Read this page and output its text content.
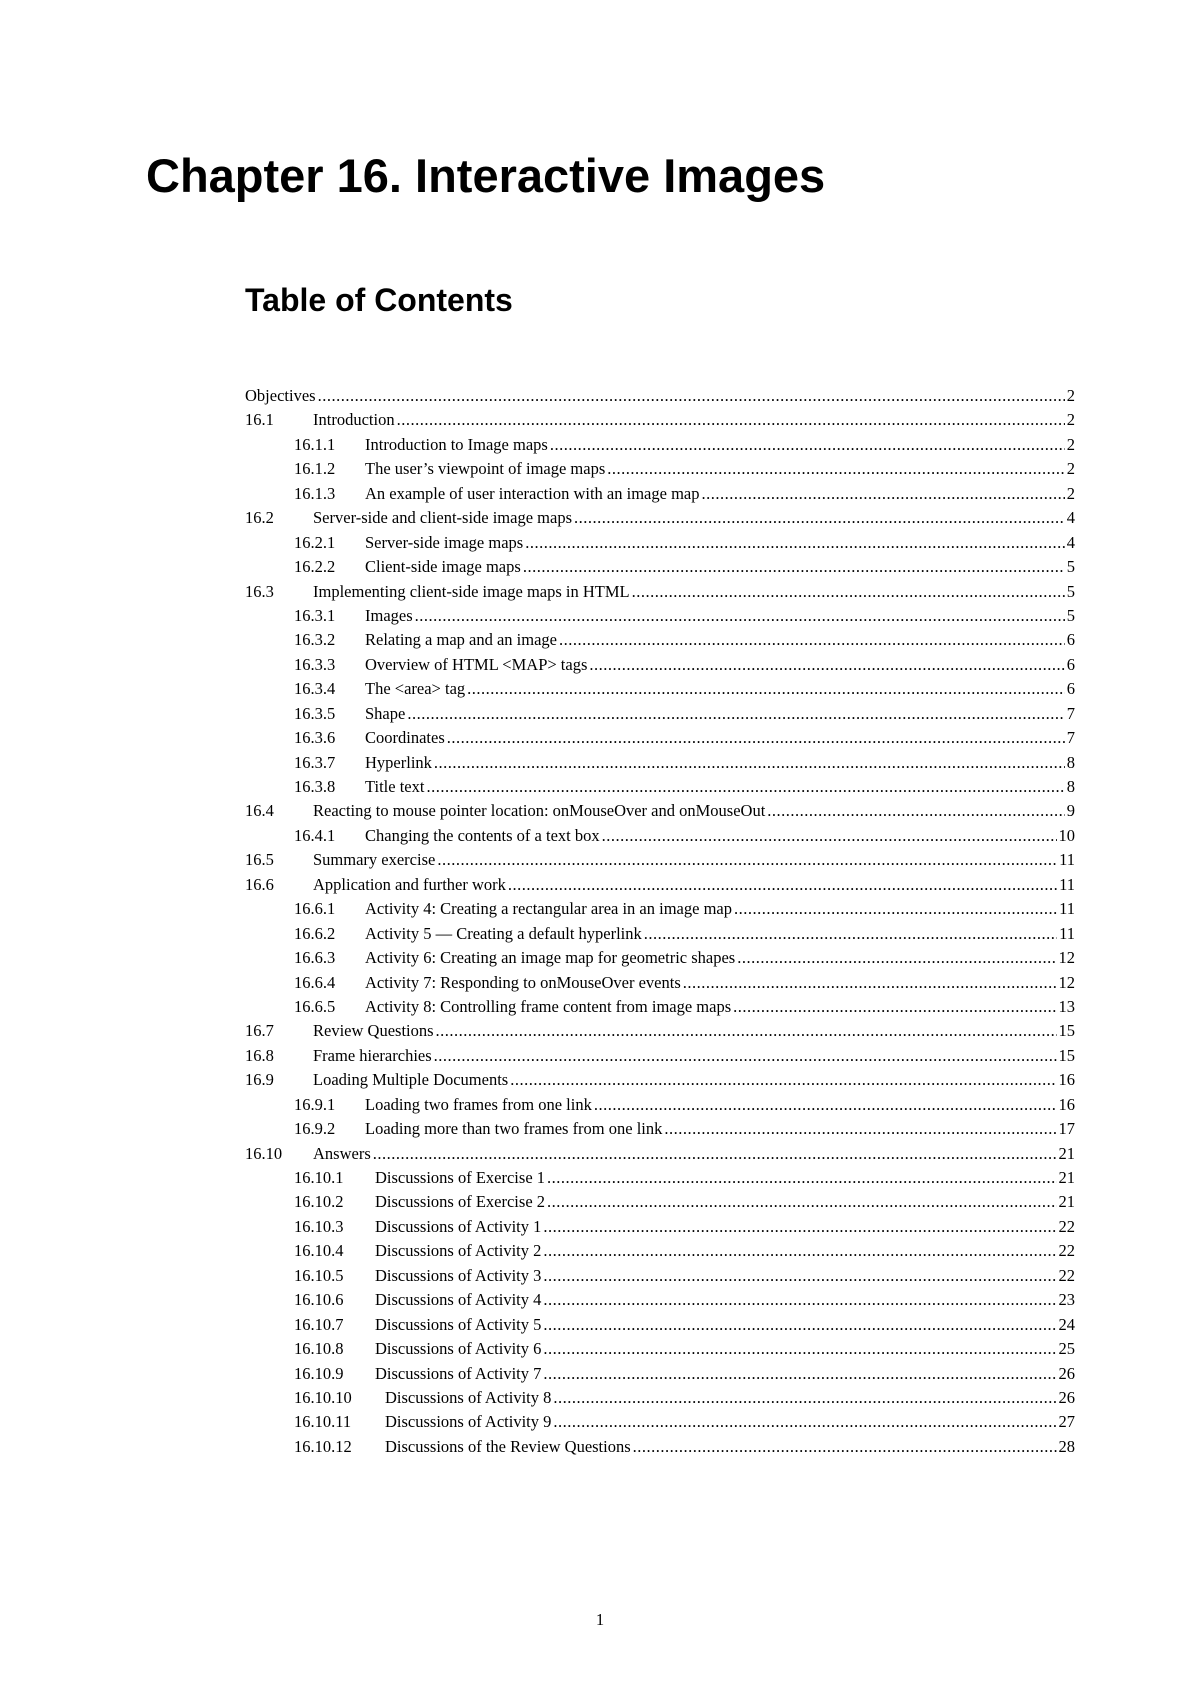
Chapter 16. Interactive Images
Table of Contents
Objectives .....	2
16.1	Introduction .....	2
16.1.1	Introduction to Image maps .....	2
16.1.2	The user’s viewpoint of image maps .....	2
16.1.3	An example of user interaction with an image map .....	2
16.2	Server-side and client-side image maps .....	4
16.2.1	Server-side image maps .....	4
16.2.2	Client-side image maps .....	5
16.3	Implementing client-side image maps in HTML .....	5
16.3.1	Images .....	5
16.3.2	Relating a map and an image .....	6
16.3.3	Overview of HTML <MAP> tags .....	6
16.3.4	The <area> tag .....	6
16.3.5	Shape .....	7
16.3.6	Coordinates .....	7
16.3.7	Hyperlink .....	8
16.3.8	Title text .....	8
16.4	Reacting to mouse pointer location: onMouseOver and onMouseOut .....	9
16.4.1	Changing the contents of a text box .....	10
16.5	Summary exercise .....	11
16.6	Application and further work .....	11
16.6.1	Activity 4: Creating a rectangular area in an image map .....	11
16.6.2	Activity 5 — Creating a default hyperlink .....	11
16.6.3	Activity 6: Creating an image map for geometric shapes .....	12
16.6.4	Activity 7: Responding to onMouseOver events .....	12
16.6.5	Activity 8: Controlling frame content from image maps .....	13
16.7	Review Questions .....	15
16.8	Frame hierarchies .....	15
16.9	Loading Multiple Documents .....	16
16.9.1	Loading two frames from one link .....	16
16.9.2	Loading more than two frames from one link .....	17
16.10	Answers .....	21
16.10.1	Discussions of Exercise 1 .....	21
16.10.2	Discussions of Exercise 2 .....	21
16.10.3	Discussions of Activity 1 .....	22
16.10.4	Discussions of Activity 2 .....	22
16.10.5	Discussions of Activity 3 .....	22
16.10.6	Discussions of Activity 4 .....	23
16.10.7	Discussions of Activity 5 .....	24
16.10.8	Discussions of Activity 6 .....	25
16.10.9	Discussions of Activity 7 .....	26
16.10.10	Discussions of Activity 8 .....	26
16.10.11	Discussions of Activity 9 .....	27
16.10.12	Discussions of the Review Questions .....	28
1
